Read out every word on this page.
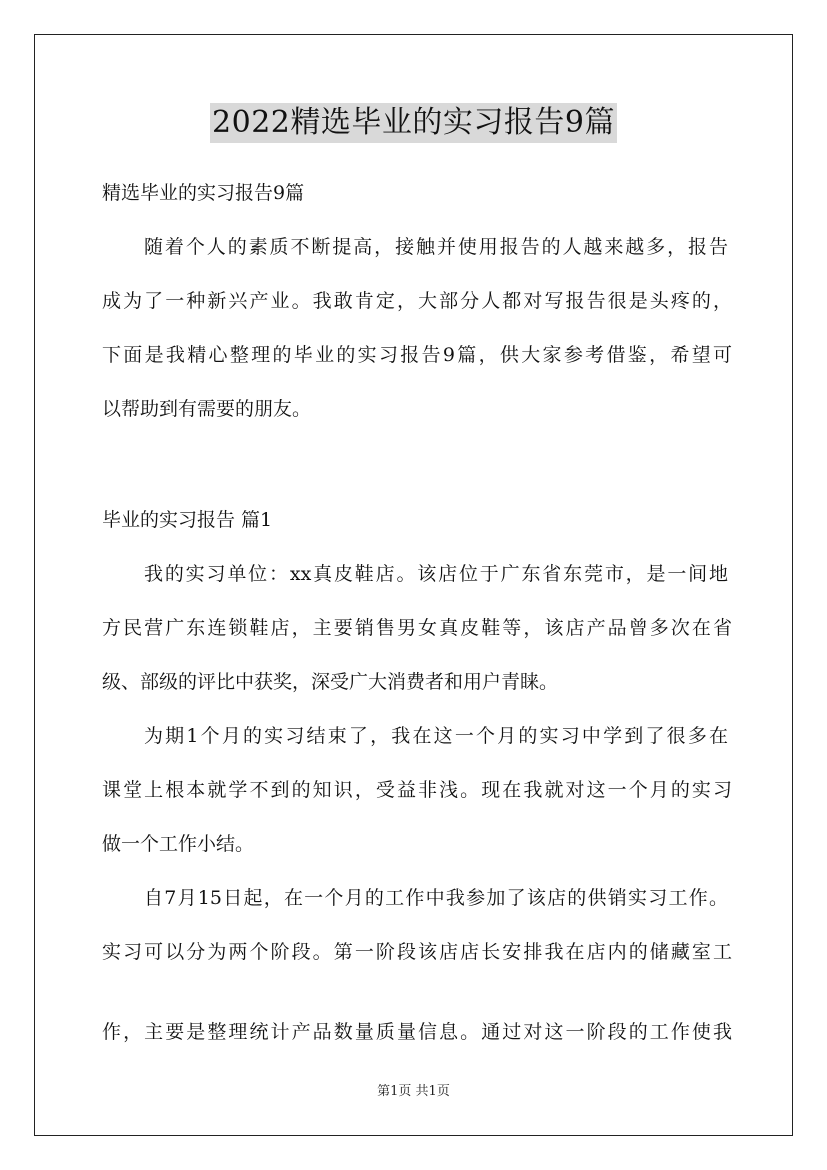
2022精选毕业的实习报告9篇
精选毕业的实习报告9篇
随着个人的素质不断提高，接触并使用报告的人越来越多，报告
成为了一种新兴产业。我敢肯定，大部分人都对写报告很是头疼的，
下面是我精心整理的毕业的实习报告9篇，供大家参考借鉴，希望可
以帮助到有需要的朋友。
毕业的实习报告 篇1
我的实习单位：xx真皮鞋店。该店位于广东省东莞市，是一间地
方民营广东连锁鞋店，主要销售男女真皮鞋等，该店产品曾多次在省
级、部级的评比中获奖，深受广大消费者和用户青睐。
为期1个月的实习结束了，我在这一个月的实习中学到了很多在
课堂上根本就学不到的知识，受益非浅。现在我就对这一个月的实习
做一个工作小结。
自7月15日起，在一个月的工作中我参加了该店的供销实习工作。
实习可以分为两个阶段。第一阶段该店店长安排我在店内的储藏室工
作，主要是整理统计产品数量质量信息。通过对这一阶段的工作使我
第1页 共1页
